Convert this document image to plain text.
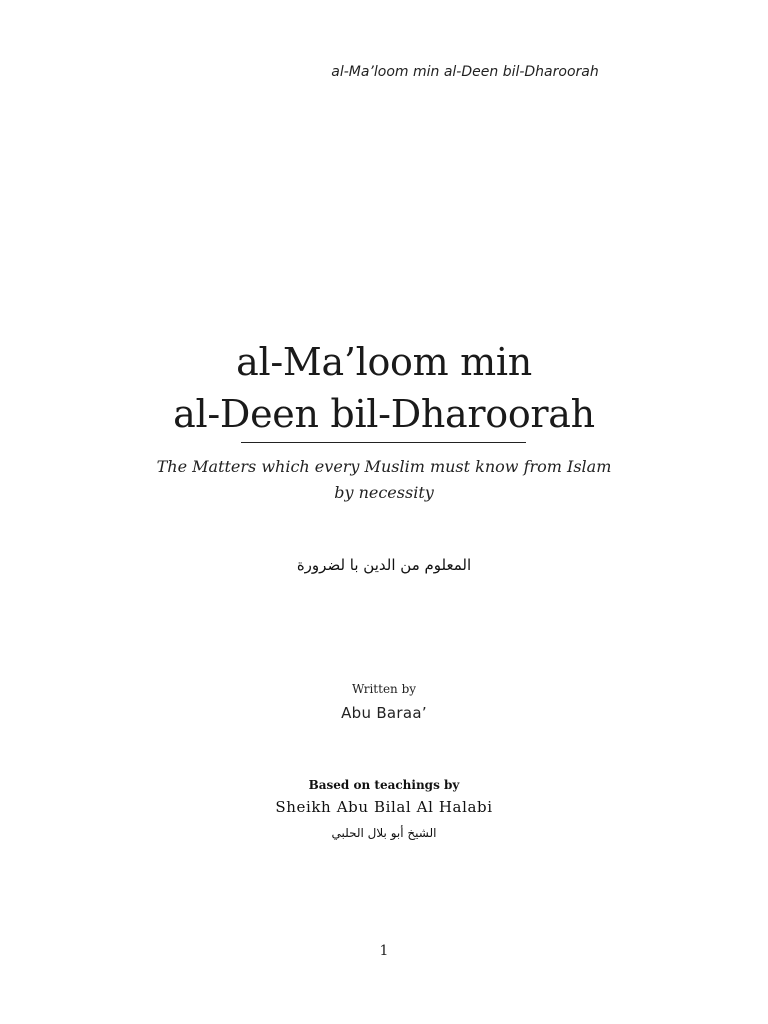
al-Ma’loom min al-Deen bil-Dharoorah
al-Ma’loom min
al-Deen bil-Dharoorah
The Matters which every Muslim must know from Islam by necessity
المعلوم من الدين با لضرورة
Written by
Abu Baraa’
Based on teachings by
Sheikh Abu Bilal Al Halabi
الشيخ أبو بلال الحلبي
1
